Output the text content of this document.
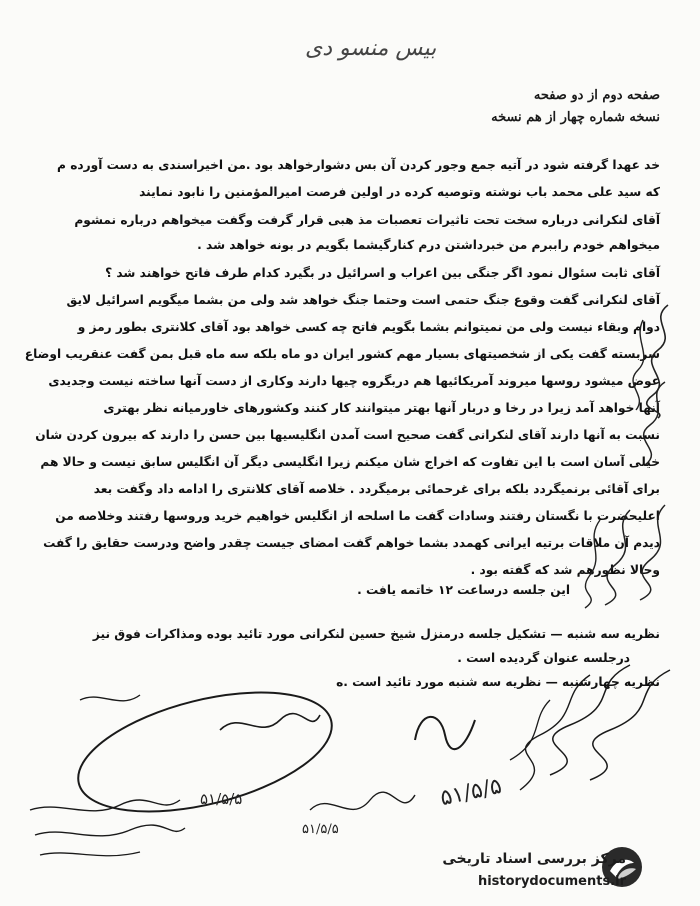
بیس منسو دی
صفحه دوم از دو صفحه
نسخه شماره چهار از هم نسخه
خد عهدا گرفته شود در آتیه جمع وجور کردن آن بس دشوارخواهد بود .من اخیراسندی به دست آورده م
که سید علی محمد باب نوشته وتوصیه کرده در اولین فرصت امیرالمؤمنین را نابود نمایند
آقای لنکرانی درباره سخت تحت تاثیرات تعصبات مذ هبی قرار گرفت وگفت میخواهم درباره نمشوم
میخواهم خودم راببرم من خبرداشتن درم کنارگیشما بگویم در بونه خواهد شد .
آقای ثابت سئوال نمود اگر جنگی بین اعراب و اسرائیل در بگیرد کدام طرف فاتح خواهند شد ؟
آقای لنکرانی گفت وقوع جنگ حتمی است وحتما جنگ خواهد شد ولی من بشما میگویم اسرائیل لایق
دوام وبقاء نیست ولی من نمیتوانم بشما بگویم فاتح چه کسی خواهد بود آقای کلانتری بطور رمز و
سربسته گفت یکی از شخصیتهای بسیار مهم کشور ایران دو ماه بلکه سه ماه قبل بمن گفت عنقریب اوضاع
عوض میشود روسها میروند آمریکائیها هم دربگروه چیها دارند وکاری از دست آنها ساخته نیست وجدیدی
آنها خواهد آمد زیرا در رخا و دربار آنها بهتر میتوانند کار کنند وکشورهای خاورمیانه نظر بهتری
نسبت به آنها دارند آقای لنکرانی گفت صحیح است آمدن انگلیسیها بین حسن را دارند که بیرون کردن شان
خیلی آسان است با این تفاوت که اخراج شان میکنم زیرا انگلیسی دیگر آن انگلیس سابق نیست و حالا هم
برای آقائی برنمیگردد بلکه برای غرحمائی برمیگردد . خلاصه آقای کلانتری را ادامه داد وگفت بعد
اعلیحضرت با نگستان رفتند وسادات گفت ما اسلحه از انگلیس خواهیم خرید وروسها رفتند وخلاصه من
دیدم آن ملاقات برتیه ایرانی کهمدد بشما خواهم گفت امضای جیست چقدر واضح ودرست حقایق را گفت
وحالا نظورهم شد که گفته بود .
این جلسه درساعت ۱۲ خاتمه یافت .
نظریه سه شنبه — تشکیل جلسه درمنزل شیخ حسین لنکرانی مورد تائید بوده ومذاکرات فوق نیز
درجلسه عنوان گردیده است .
نظریه چهارشنبه — نظریه سه شنبه مورد تائید است .ه
۵۱/۵/۵
۵۱/۵/۵
۵۱/۵/۵
مرکز بررسی اسناد تاریخی
historydocuments.ir
